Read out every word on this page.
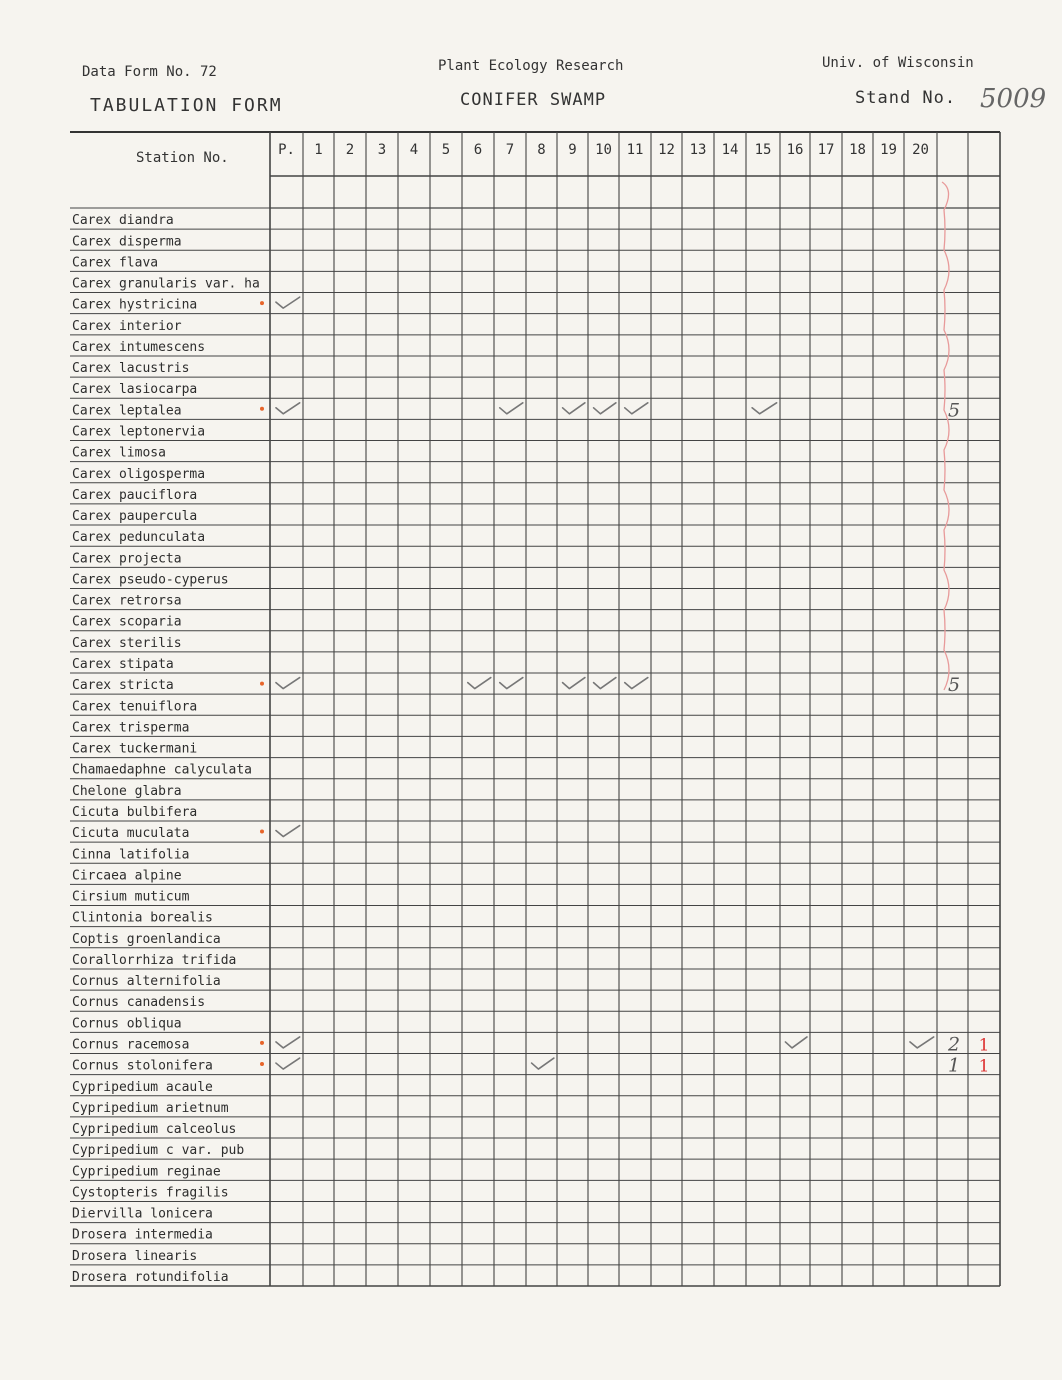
Data Form No. 72
TABULATION FORM
Plant Ecology Research
CONIFER SWAMP
Univ. of Wisconsin
Stand No. 5009
Station No.	P. 1 2 3 4 5 6 7 8 9 10 11 12 13 14 15 16 17 18 19 20
Carex diandra
Carex disperma
Carex flava
Carex granularis var. ha
Carex hystricina
Carex interior
Carex intumescens
Carex lacustris
Carex lasiocarpa
Carex leptalea
Carex leptonervia
Carex limosa
Carex oligosperma
Carex pauciflora
Carex paupercula
Carex pedunculata
Carex projecta
Carex pseudo-cyperus
Carex retrorsa
Carex scoparia
Carex sterilis
Carex stipata
Carex stricta
Carex tenuiflora
Carex trisperma
Carex tuckermani
Chamaedaphne calyculata
Chelone glabra
Cicuta bulbifera
Cicuta muculata
Cinna latifolia
Circaea alpine
Cirsium muticum
Clintonia borealis
Coptis groenlandica
Corallorrhiza trifida
Cornus alternifolia
Cornus canadensis
Cornus obliqua
Cornus racemosa
Cornus stolonifera
Cypripedium acaule
Cypripedium arietnum
Cypripedium calceolus
Cypripedium c var. pub
Cypripedium reginae
Cystopteris fragilis
Diervilla lonicera
Drosera intermedia
Drosera linearis
Drosera rotundifolia
5
5
2
1
1
1
